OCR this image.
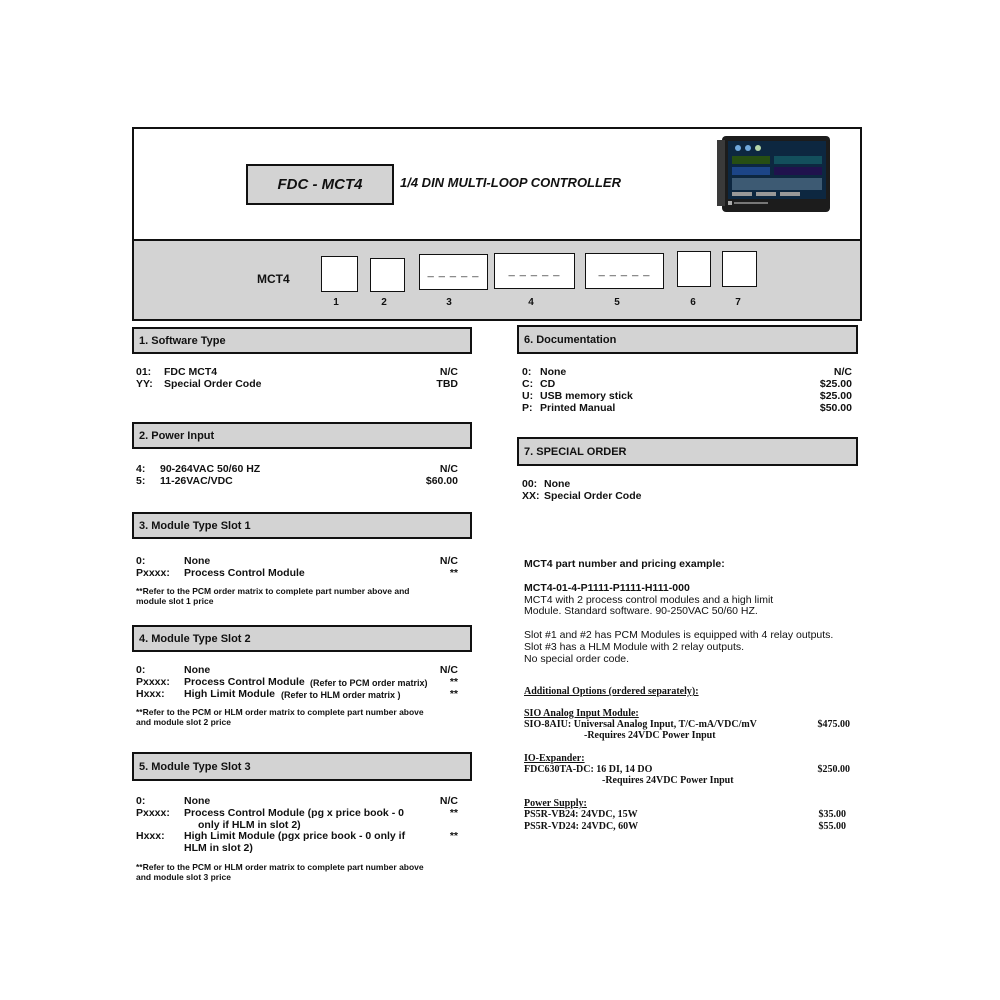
FDC - MCT4	1/4 DIN MULTI-LOOP CONTROLLER
MCT4	_ _ _ _ _	_ _ _ _ _	_ _ _ _ _
1	2	3	4	5	6	7
1. Software Type
01: FDC MCT4	N/C
YY: Special Order Code	TBD
2. Power Input
4: 90-264VAC 50/60 HZ	N/C
5: 11-26VAC/VDC	$60.00
3. Module Type Slot 1
0:	None	N/C
Pxxxx: Process Control Module	**
**Refer to the PCM order matrix to complete part number above and
module slot 1 price
4. Module Type Slot 2
0:	None	N/C
Pxxxx: Process Control Module (Refer to PCM order matrix)	**
Hxxx: High Limit Module (Refer to HLM order matrix )	**
**Refer to the PCM or HLM order matrix to complete part number above
and module slot 2 price
5. Module Type Slot 3
0:	None	N/C
Pxxxx: Process Control Module (pg x price book - 0
only if HLM in slot 2)
**
Hxxx: High Limit Module (pgx price book - 0 only if
HLM in slot 2)
**
**Refer to the PCM or HLM order matrix to complete part number above
and module slot 3 price
6. Documentation
0: None	N/C
C: CD	$25.00
U: USB memory stick	$25.00
P: Printed Manual	$50.00
7. SPECIAL ORDER
00: None
XX: Special Order Code
MCT4 part number and pricing example:
MCT4-01-4-P1111-P1111-H111-000
MCT4 with 2 process control modules and a high limit
Module. Standard software. 90-250VAC 50/60 HZ.
Slot #1 and #2 has PCM Modules is equipped with 4 relay outputs.
Slot #3 has a HLM Module with 2 relay outputs.
No special order code.
Additional Options (ordered separately):
SIO Analog Input Module:
SIO-8AIU: Universal Analog Input, T/C-mA/VDC/mV	$475.00
-Requires 24VDC Power Input
IO-Expander:
FDC630TA-DC: 16 DI, 14 DO	$250.00
-Requires 24VDC Power Input
Power Supply:
PS5R-VB24: 24VDC, 15W	$35.00
PS5R-VD24: 24VDC, 60W	$55.00
